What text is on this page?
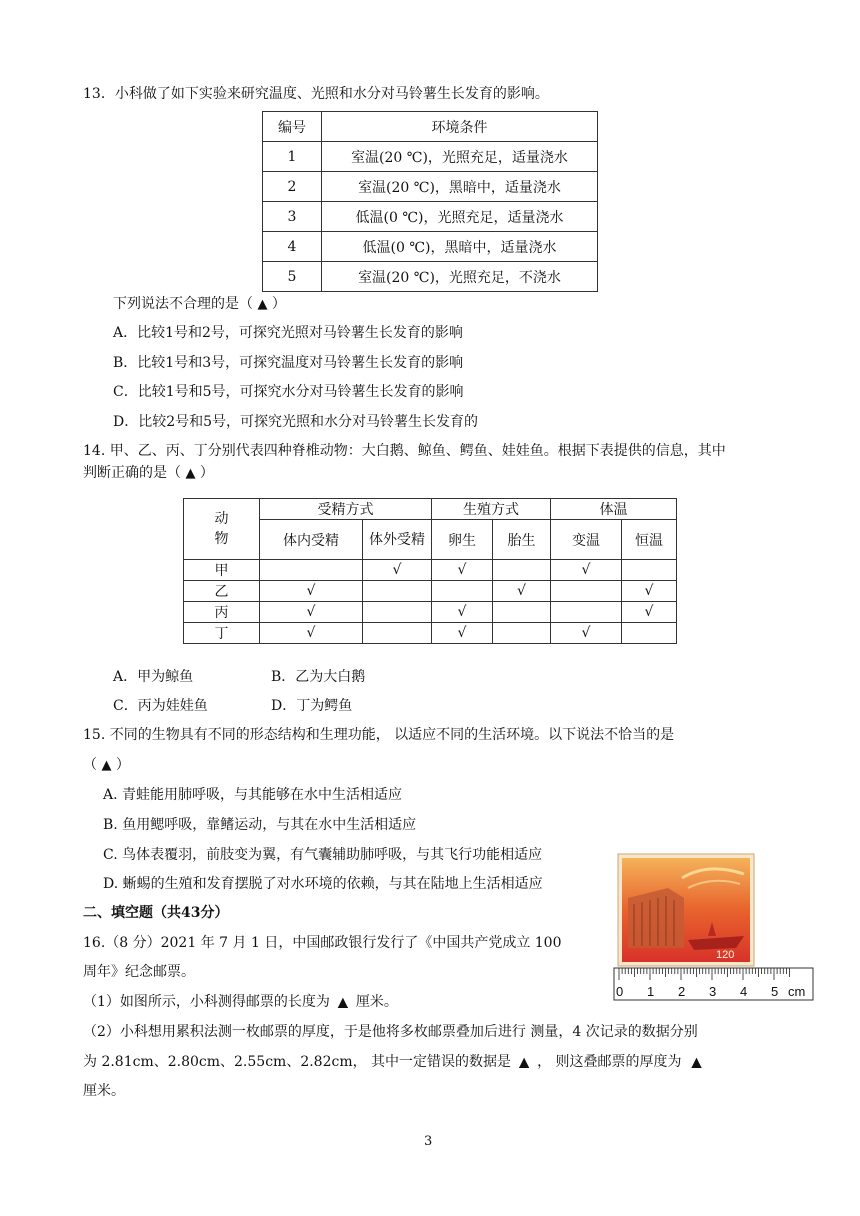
13．小科做了如下实验来研究温度、光照和水分对马铃薯生长发育的影响。
编号	环境条件
1	室温(20 ℃)，光照充足，适量浇水
2	室温(20 ℃)，黑暗中，适量浇水
3	低温(0 ℃)，光照充足，适量浇水
4	低温(0 ℃)，黑暗中，适量浇水
5	室温(20 ℃)，光照充足，不浇水
下列说法不合理的是（ ▲ ）
A．比较1号和2号，可探究光照对马铃薯生长发育的影响
B．比较1号和3号，可探究温度对马铃薯生长发育的影响
C．比较1号和5号，可探究水分对马铃薯生长发育的影响
D．比较2号和5号，可探究光照和水分对马铃薯生长发育的
14. 甲、乙、丙、丁分别代表四种脊椎动物：大白鹅、鲸鱼、鳄鱼、娃娃鱼。根据下表提供的信息，其中
判断正确的是（ ▲ ）
动
物	受精方式		生殖方式		体温	
	体内受精	体外受精	卵生	胎生	变温	恒温
甲		√	√		√	
乙	√			√		√
丙	√		√			√
丁	√		√		√	
A．甲为鲸鱼	B．乙为大白鹅
C．丙为娃娃鱼	D．丁为鳄鱼
15. 不同的生物具有不同的形态结构和生理功能， 以适应不同的生活环境。以下说法不恰当的是
（ ▲ ）
A. 青蛙能用肺呼吸，与其能够在水中生活相适应
B. 鱼用鳃呼吸，靠鳍运动，与其在水中生活相适应
C. 鸟体表覆羽，前肢变为翼，有气囊辅助肺呼吸，与其飞行功能相适应
D. 蜥蜴的生殖和发育摆脱了对水环境的依赖，与其在陆地上生活相适应
二、填空题（共43分）
16.（8 分）2021 年 7 月 1 日，中国邮政银行发行了《中国共产党成立 100
周年》纪念邮票。
（1）如图所示，小科测得邮票的长度为 ▲ 厘米。
（2）小科想用累积法测一枚邮票的厚度，于是他将多枚邮票叠加后进行 测量，4 次记录的数据分别
为 2.81cm、2.80cm、2.55cm、2.82cm， 其中一定错误的数据是 ▲ ， 则这叠邮票的厚度为 ▲
厘米。
120
0 1 2 3 4 5 cm
3
